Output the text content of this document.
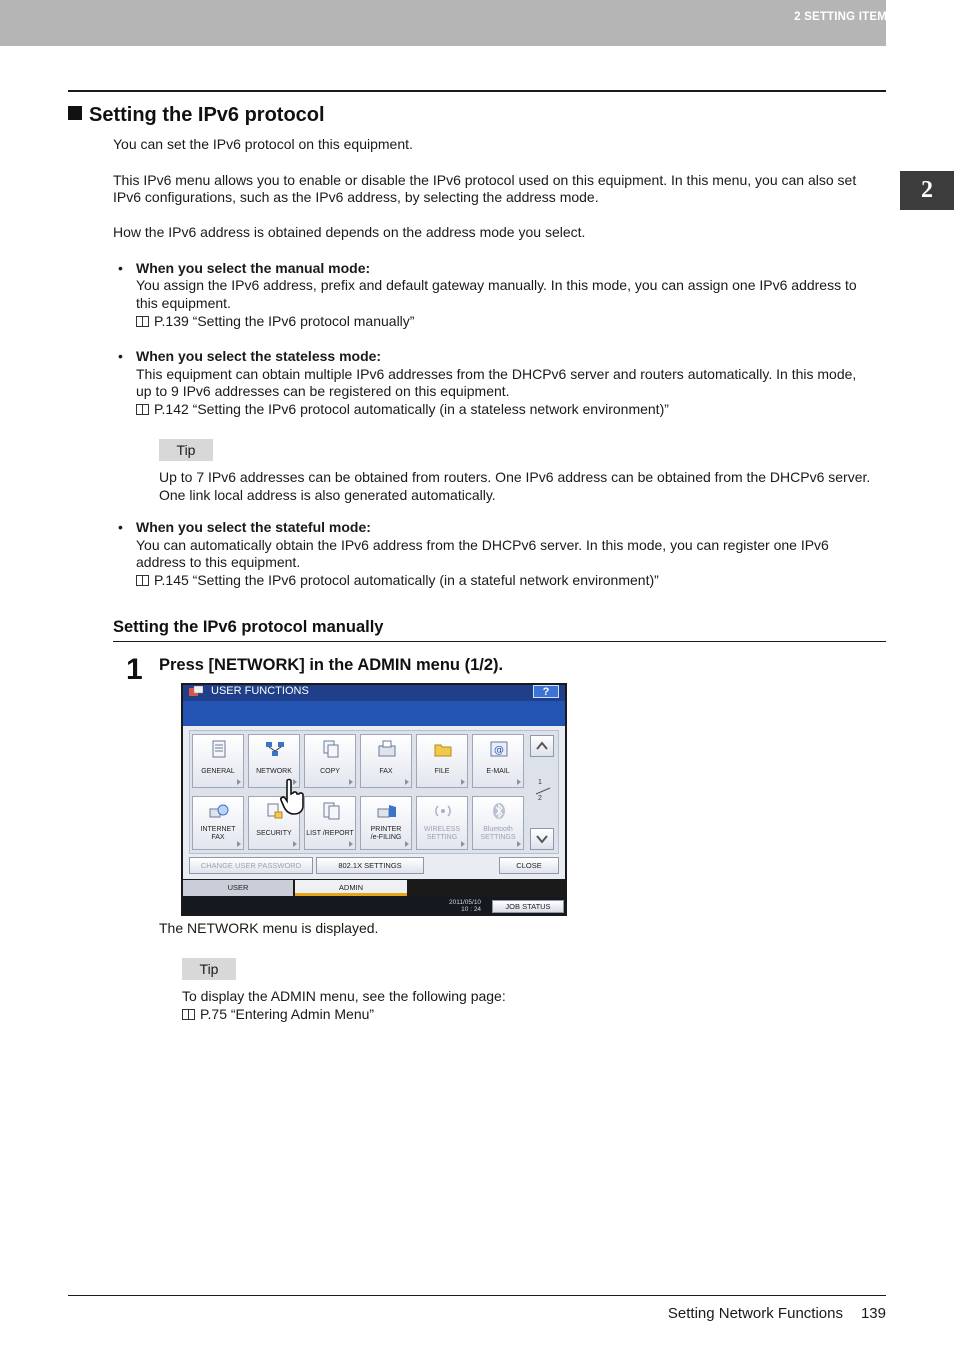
2 SETTING ITEMS (ADMIN)
2
Setting the IPv6 protocol
You can set the IPv6 protocol on this equipment.
This IPv6 menu allows you to enable or disable the IPv6 protocol used on this equipment. In this menu, you can also set
IPv6 configurations, such as the IPv6 address, by selecting the address mode.
How the IPv6 address is obtained depends on the address mode you select.
• When you select the manual mode:
You assign the IPv6 address, prefix and default gateway manually. In this mode, you can assign one IPv6 address to
this equipment.
P.139 “Setting the IPv6 protocol manually”
• When you select the stateless mode:
This equipment can obtain multiple IPv6 addresses from the DHCPv6 server and routers automatically. In this mode,
up to 9 IPv6 addresses can be registered on this equipment.
P.142 “Setting the IPv6 protocol automatically (in a stateless network environment)”
Tip
Up to 7 IPv6 addresses can be obtained from routers. One IPv6 address can be obtained from the DHCPv6 server.
One link local address is also generated automatically.
• When you select the stateful mode:
You can automatically obtain the IPv6 address from the DHCPv6 server. In this mode, you can register one IPv6
address to this equipment.
P.145 “Setting the IPv6 protocol automatically (in a stateful network environment)”
Setting the IPv6 protocol manually
1 Press [NETWORK] in the ADMIN menu (1/2).
USER FUNCTIONS	?
GENERAL	NETWORK	COPY	FAX	FILE
@
E-MAIL
INTERNET
FAX
SECURITY	LIST /REPORT
PRINTER
/e-FILING
WIRELESS
SETTING
Bluetooth
SETTINGS
1
2
CHANGE USER PASSWORD	802.1X SETTINGS	CLOSE
USER	ADMIN
2011/05/10
10 : 24	JOB STATUS
The NETWORK menu is displayed.
Tip
To display the ADMIN menu, see the following page:
P.75 “Entering Admin Menu”
Setting Network Functions 139
